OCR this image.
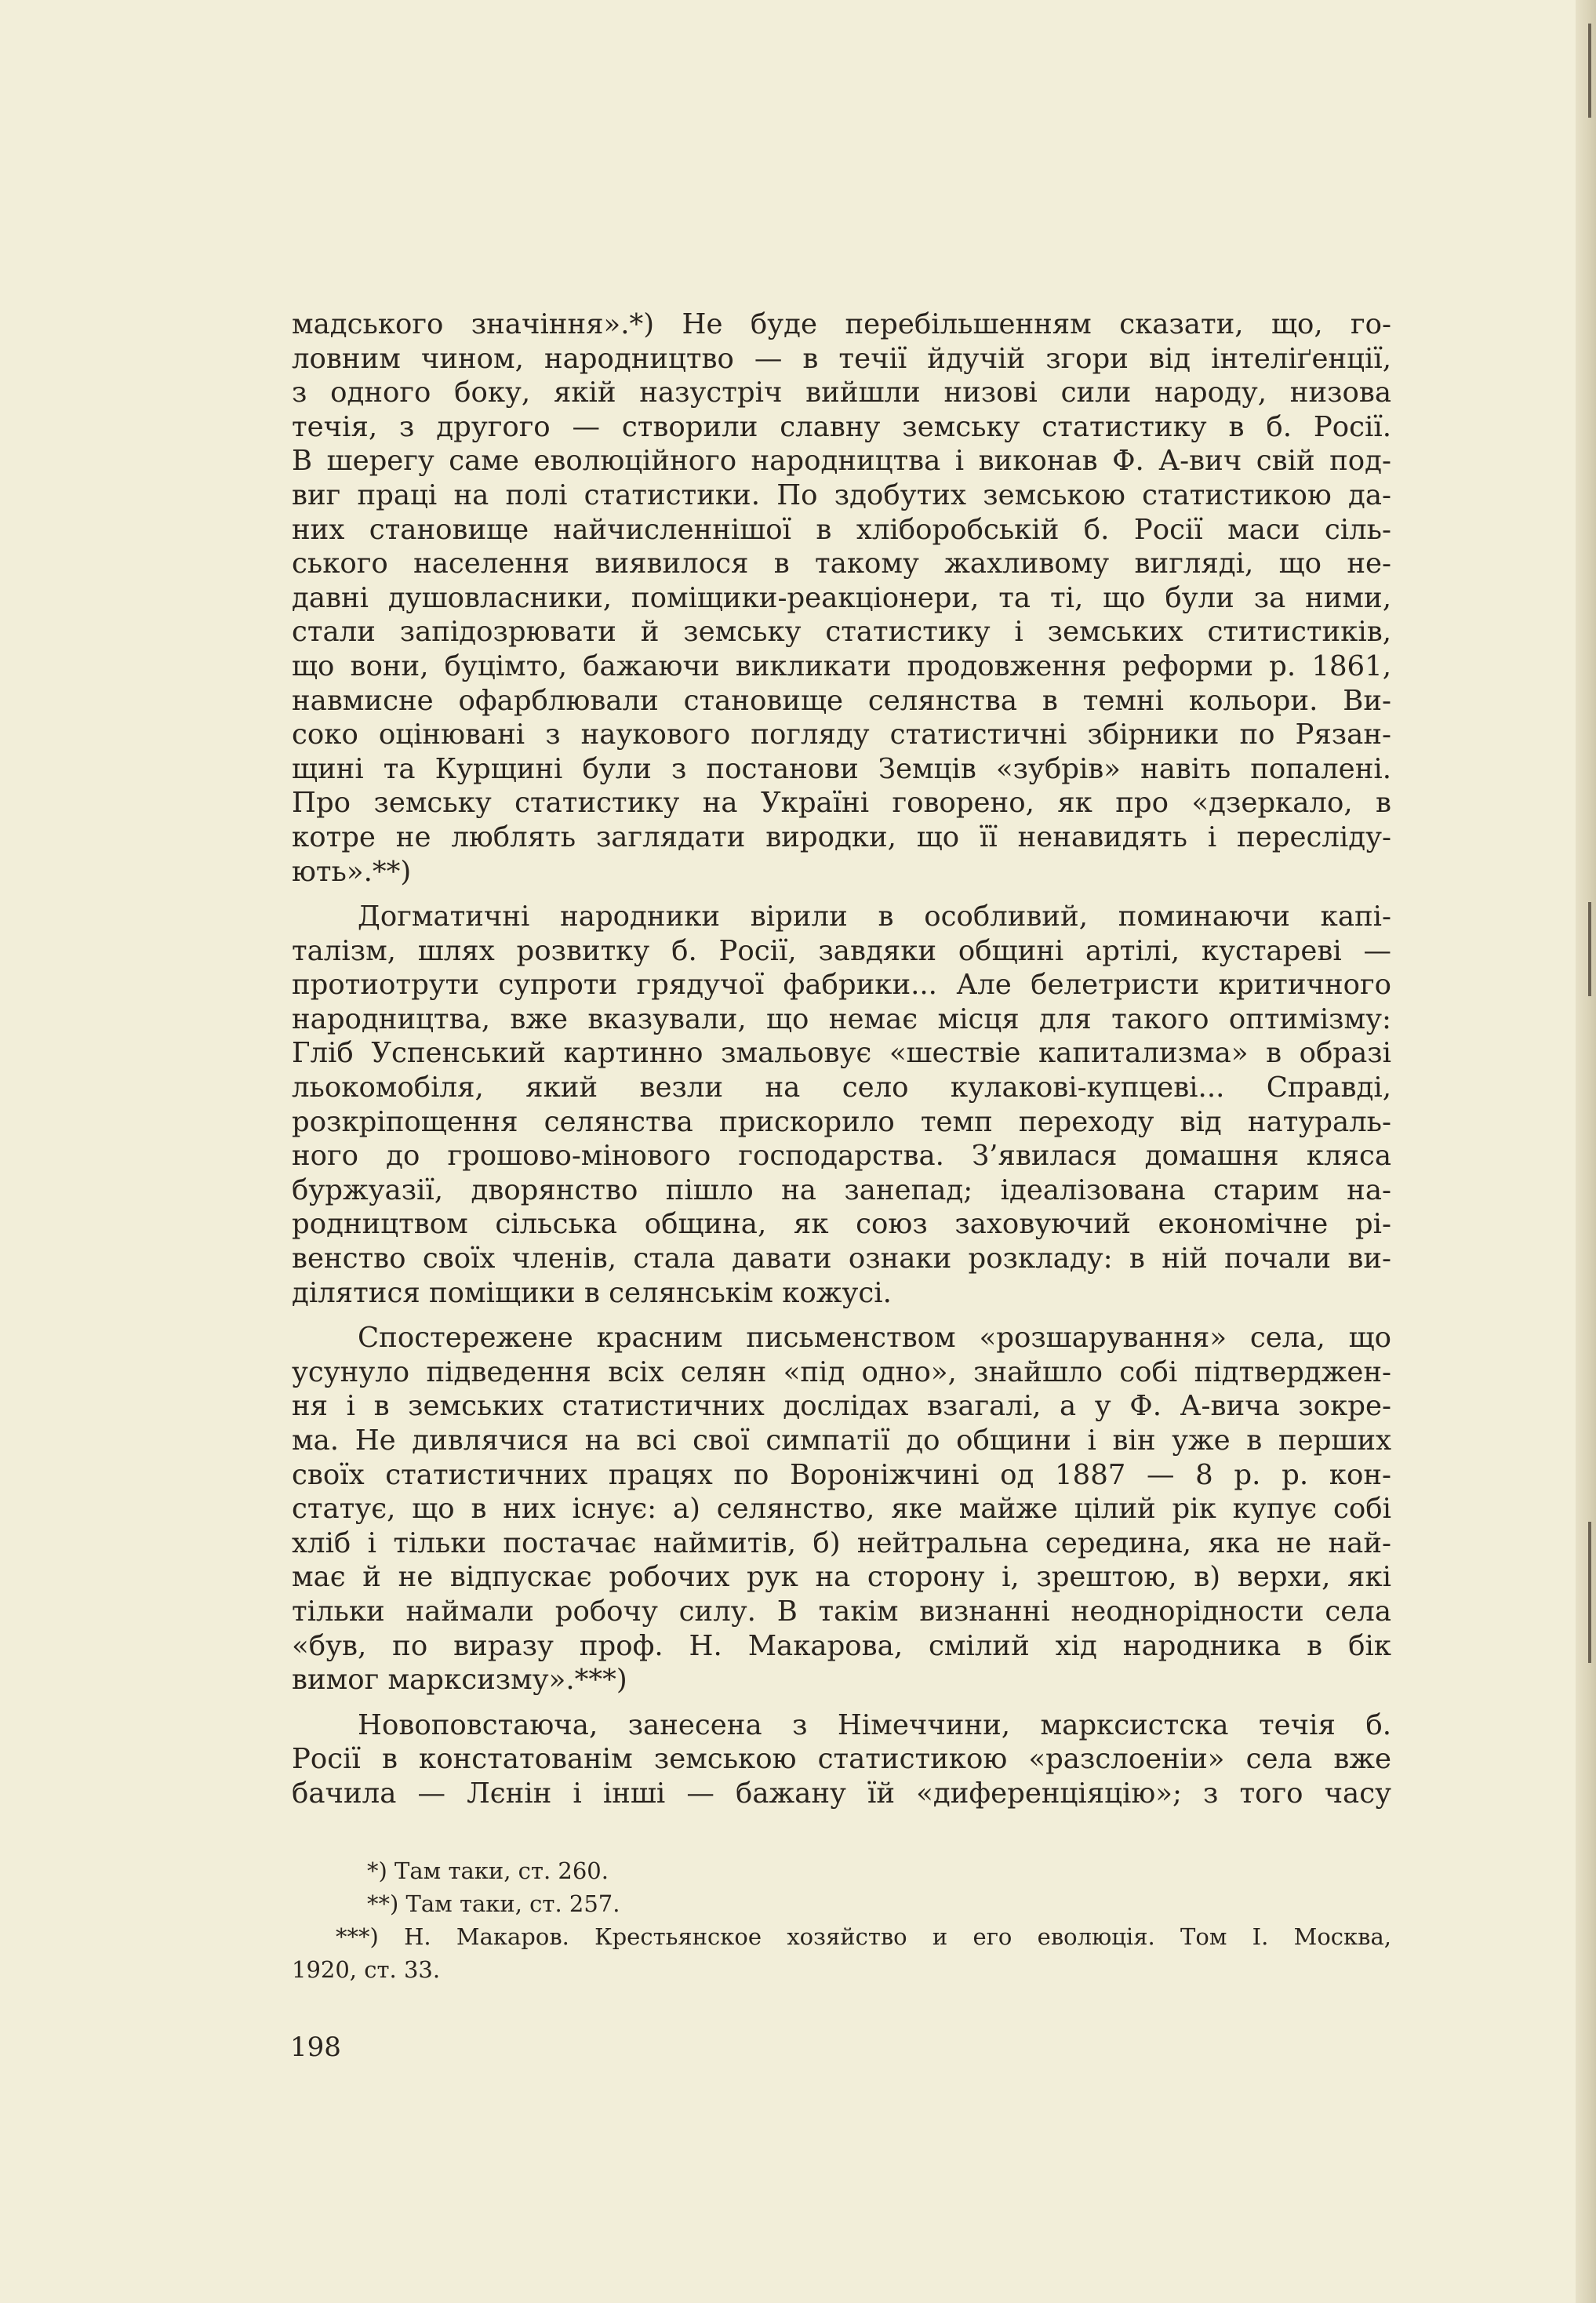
мадського значіння».*) Не буде перебільшенням сказати, що, го-
ловним чином, народництво — в течії йдучій згори від інтеліґенції,
з одного боку, якій назустріч вийшли низові сили народу, низова
течія, з другого — створили славну земську статистику в б. Росії.
В шерегу саме еволюційного народництва і виконав Ф. А-вич свій под-
виг праці на полі статистики. По здобутих земською статистикою да-
них становище найчисленнішої в хліборобській б. Росії маси сіль-
ського населення виявилося в такому жахливому вигляді, що не-
давні душовласники, поміщики-реакціонери, та ті, що були за ними,
стали запідозрювати й земську статистику і земських ститистиків,
що вони, буцімто, бажаючи викликати продовження реформи р. 1861,
навмисне офарблювали становище селянства в темні кольори. Ви-
соко оцінювані з наукового погляду статистичні збірники по Рязан-
щині та Курщині були з постанови Земців «зубрів» навіть попалені.
Про земську статистику на Україні говорено, як про «дзеркало, в
котре не люблять заглядати виродки, що її ненавидять і пересліду-
ють».**)

Догматичні народники вірили в особливий, поминаючи капі-
талізм, шлях розвитку б. Росії, завдяки общині артілі, кустареві —
протиотрути супроти грядучої фабрики... Але белетристи критичного
народництва, вже вказували, що немає місця для такого оптимізму:
Гліб Успенський картинно змальовує «шествіе капитализма» в образі
льокомобіля, який везли на село кулакові-купцеві... Справді,
розкріпощення селянства прискорило темп переходу від натураль-
ного до грошово-мінового господарства. З’явилася домашня кляса
буржуазії, дворянство пішло на занепад; ідеалізована старим на-
родництвом сільська община, як союз заховуючий економічне рі-
венство своїх членів, стала давати ознаки розкладу: в ній почали ви-
ділятися поміщики в селянськім кожусі.

Спостережене красним письменством «розшарування» села, що
усунуло підведення всіх селян «під одно», знайшло собі підтверджен-
ня і в земських статистичних дослідах взагалі, а у Ф. А-вича зокре-
ма. Не дивлячися на всі свої симпатії до общини і він уже в перших
своїх статистичних працях по Вороніжчині од 1887 — 8 р. р. кон-
статує, що в них існує: а) селянство, яке майже цілий рік купує собі
хліб і тільки постачає наймитів, б) нейтральна середина, яка не най-
має й не відпускає робочих рук на сторону і, зрештою, в) верхи, які
тільки наймали робочу силу. В такім визнанні неоднорідности села
«був, по виразу проф. Н. Макарова, смілий хід народника в бік
вимог марксизму».***)

Новоповстаюча, занесена з Німеччини, марксистска течія б.
Росії в констатованім земською статистикою «разслоеніи» села вже
бачила — Лєнін і інші — бажану їй «диференціяцію»; з того часу

*) Там таки, ст. 260.
**) Там таки, ст. 257.
***) Н. Макаров. Крестьянское хозяйство и его еволюція. Том I. Москва,
1920, ст. 33.
198
